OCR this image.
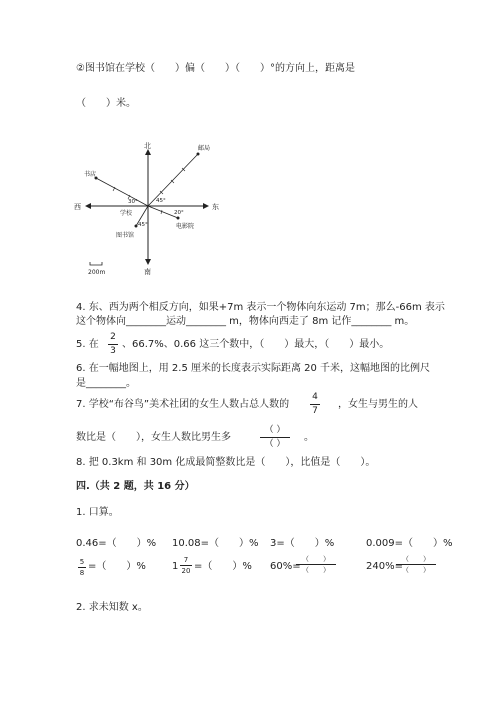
②图书馆在学校（　　）偏（　　）（　　）°的方向上，距离是
（　　）米。
北
南
东
西
邮局
书店
学校
电影院
图书馆
45°
30°
20°
45°
200m
4. 东、西为两个相反方向，如果+7m 表示一个物体向东运动 7m；那么-66m 表示
这个物体向________运动________ m，物体向西走了 8m 记作________ m。
5. 在
2
3
、66.7%、0.66 这三个数中，（　　）最大，（　　）最小。
6. 在一幅地图上，用 2.5 厘米的长度表示实际距离 20 千米，这幅地图的比例尺
是________。
7. 学校“布谷鸟”美术社团的女生人数占总人数的
4
7
，女生与男生的人
数比是（　　），女生人数比男生多
（ ）
（ ）
。
8. 把 0.3km 和 30m 化成最简整数比是（　　），比值是（　　）。
四.（共 2 题，共 16 分）
1. 口算。
0.46=（　　）% 10.08=（　　）% 3=（　　）%	0.009=（　　）%
5
8
=（　　）%	1
7
20 =（　　）% 60%=
（　　）
（　　）	240%=
（　　）
（　　）
2. 求未知数 x。
